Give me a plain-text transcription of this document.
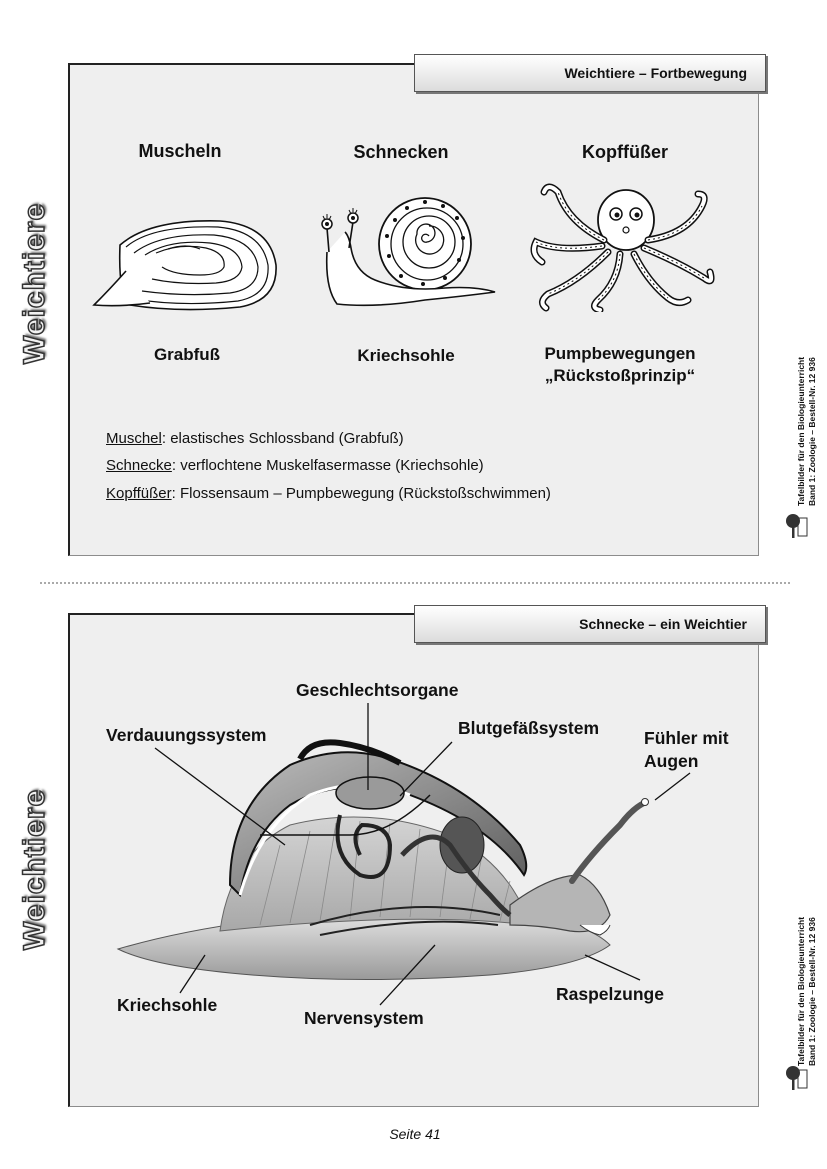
Weichtiere – Fortbewegung
Weichtiere
Tafelbilder für den Biologieunterricht Band 1: Zoologie – Bestell-Nr. 12 936
Muscheln	Schnecken	Kopffüßer
Grabfuß	Kriechsohle	Pumpbewegungen
„Rückstoßprinzip“
Muschel: elastisches Schlossband (Grabfuß)
Schnecke: verflochtene Muskelfasermasse (Kriechsohle)
Kopffüßer: Flossensaum – Pumpbewegung (Rückstoßschwimmen)
Schnecke – ein Weichtier
Weichtiere
Tafelbilder für den Biologieunterricht Band 1: Zoologie – Bestell-Nr. 12 936
Geschlechtsorgane
Verdauungssystem	Blutgefäßsystem	Fühler mit
Augen
Kriechsohle
Nervensystem
Raspelzunge
Seite 41
